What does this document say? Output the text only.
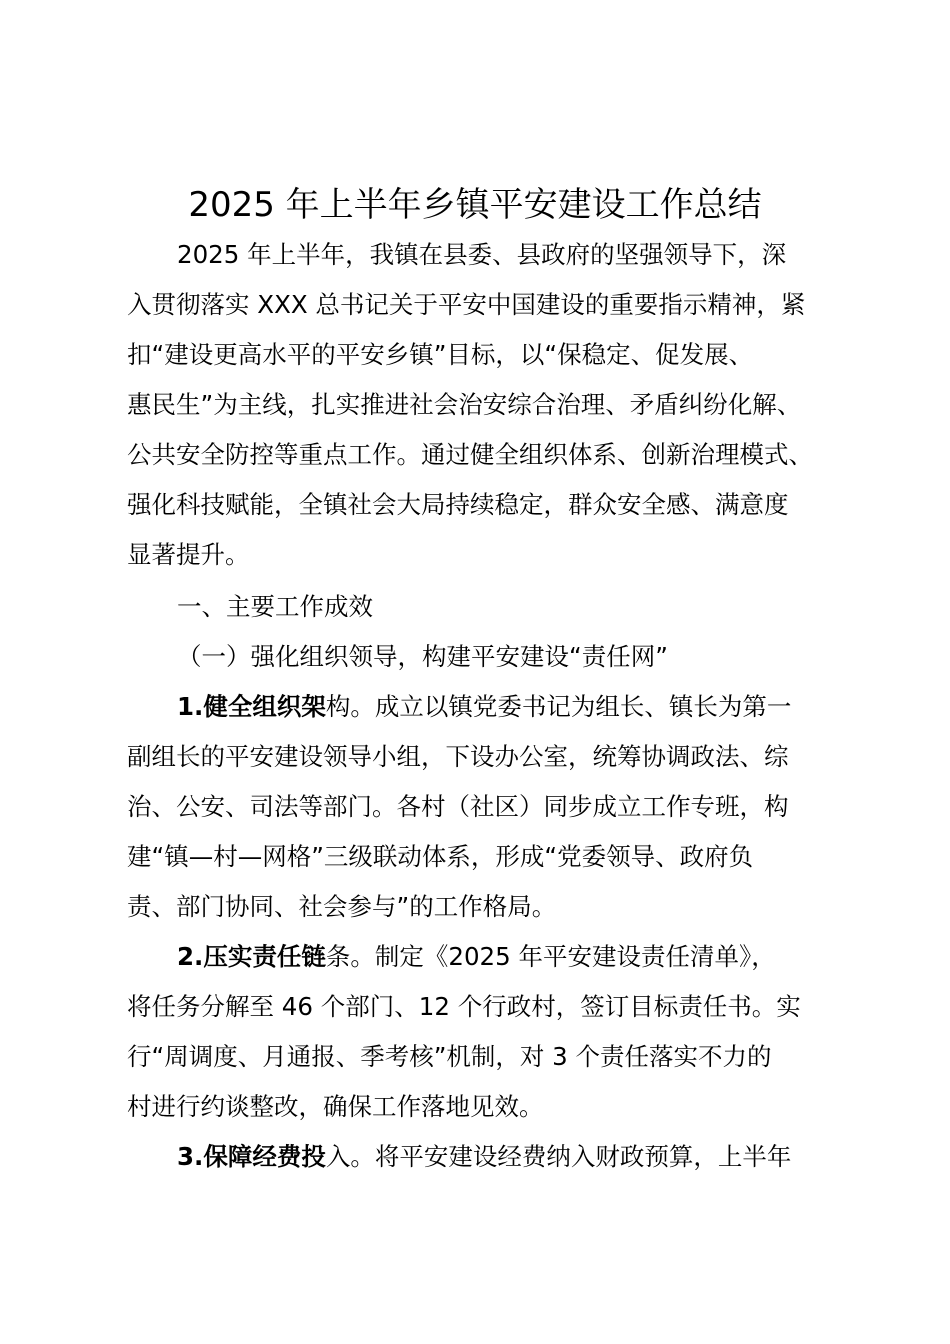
2025 年上半年乡镇平安建设工作总结
2025 年上半年，我镇在县委、县政府的坚强领导下，深
入贯彻落实 XXX 总书记关于平安中国建设的重要指示精神，紧
扣“建设更高水平的平安乡镇”目标，以“保稳定、促发展、
惠民生”为主线，扎实推进社会治安综合治理、矛盾纠纷化解、
公共安全防控等重点工作。通过健全组织体系、创新治理模式、
强化科技赋能，全镇社会大局持续稳定，群众安全感、满意度
显著提升。
一、主要工作成效
（一）强化组织领导，构建平安建设“责任网”
1.健全组织架构。成立以镇党委书记为组长、镇长为第一
副组长的平安建设领导小组，下设办公室，统筹协调政法、综
治、公安、司法等部门。各村（社区）同步成立工作专班，构
建“镇—村—网格”三级联动体系，形成“党委领导、政府负
责、部门协同、社会参与”的工作格局。
2.压实责任链条。制定《2025 年平安建设责任清单》，
将任务分解至 46 个部门、12 个行政村，签订目标责任书。实
行“周调度、月通报、季考核”机制，对 3 个责任落实不力的
村进行约谈整改，确保工作落地见效。
3.保障经费投入。将平安建设经费纳入财政预算，上半年
